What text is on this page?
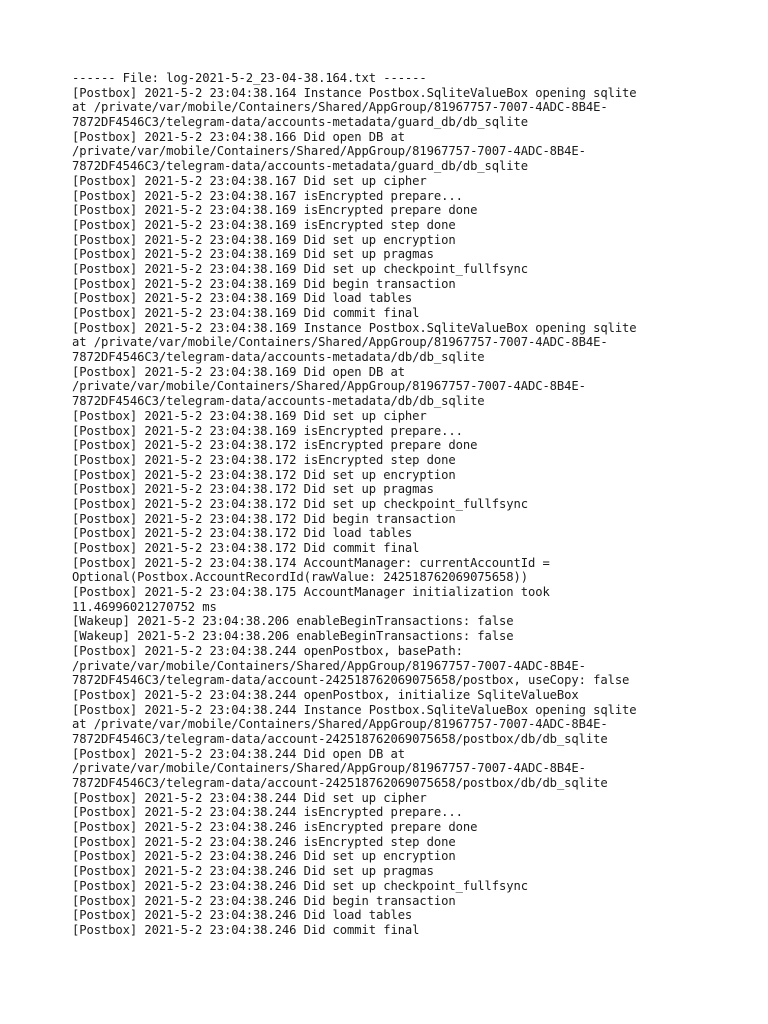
------ File: log-2021-5-2_23-04-38.164.txt ------
[Postbox] 2021-5-2 23:04:38.164 Instance Postbox.SqliteValueBox opening sqlite
at /private/var/mobile/Containers/Shared/AppGroup/81967757-7007-4ADC-8B4E-
7872DF4546C3/telegram-data/accounts-metadata/guard_db/db_sqlite
[Postbox] 2021-5-2 23:04:38.166 Did open DB at
/private/var/mobile/Containers/Shared/AppGroup/81967757-7007-4ADC-8B4E-
7872DF4546C3/telegram-data/accounts-metadata/guard_db/db_sqlite
[Postbox] 2021-5-2 23:04:38.167 Did set up cipher
[Postbox] 2021-5-2 23:04:38.167 isEncrypted prepare...
[Postbox] 2021-5-2 23:04:38.169 isEncrypted prepare done
[Postbox] 2021-5-2 23:04:38.169 isEncrypted step done
[Postbox] 2021-5-2 23:04:38.169 Did set up encryption
[Postbox] 2021-5-2 23:04:38.169 Did set up pragmas
[Postbox] 2021-5-2 23:04:38.169 Did set up checkpoint_fullfsync
[Postbox] 2021-5-2 23:04:38.169 Did begin transaction
[Postbox] 2021-5-2 23:04:38.169 Did load tables
[Postbox] 2021-5-2 23:04:38.169 Did commit final
[Postbox] 2021-5-2 23:04:38.169 Instance Postbox.SqliteValueBox opening sqlite
at /private/var/mobile/Containers/Shared/AppGroup/81967757-7007-4ADC-8B4E-
7872DF4546C3/telegram-data/accounts-metadata/db/db_sqlite
[Postbox] 2021-5-2 23:04:38.169 Did open DB at
/private/var/mobile/Containers/Shared/AppGroup/81967757-7007-4ADC-8B4E-
7872DF4546C3/telegram-data/accounts-metadata/db/db_sqlite
[Postbox] 2021-5-2 23:04:38.169 Did set up cipher
[Postbox] 2021-5-2 23:04:38.169 isEncrypted prepare...
[Postbox] 2021-5-2 23:04:38.172 isEncrypted prepare done
[Postbox] 2021-5-2 23:04:38.172 isEncrypted step done
[Postbox] 2021-5-2 23:04:38.172 Did set up encryption
[Postbox] 2021-5-2 23:04:38.172 Did set up pragmas
[Postbox] 2021-5-2 23:04:38.172 Did set up checkpoint_fullfsync
[Postbox] 2021-5-2 23:04:38.172 Did begin transaction
[Postbox] 2021-5-2 23:04:38.172 Did load tables
[Postbox] 2021-5-2 23:04:38.172 Did commit final
[Postbox] 2021-5-2 23:04:38.174 AccountManager: currentAccountId =
Optional(Postbox.AccountRecordId(rawValue: 242518762069075658))
[Postbox] 2021-5-2 23:04:38.175 AccountManager initialization took
11.46996021270752 ms
[Wakeup] 2021-5-2 23:04:38.206 enableBeginTransactions: false
[Wakeup] 2021-5-2 23:04:38.206 enableBeginTransactions: false
[Postbox] 2021-5-2 23:04:38.244 openPostbox, basePath:
/private/var/mobile/Containers/Shared/AppGroup/81967757-7007-4ADC-8B4E-
7872DF4546C3/telegram-data/account-242518762069075658/postbox, useCopy: false
[Postbox] 2021-5-2 23:04:38.244 openPostbox, initialize SqliteValueBox
[Postbox] 2021-5-2 23:04:38.244 Instance Postbox.SqliteValueBox opening sqlite
at /private/var/mobile/Containers/Shared/AppGroup/81967757-7007-4ADC-8B4E-
7872DF4546C3/telegram-data/account-242518762069075658/postbox/db/db_sqlite
[Postbox] 2021-5-2 23:04:38.244 Did open DB at
/private/var/mobile/Containers/Shared/AppGroup/81967757-7007-4ADC-8B4E-
7872DF4546C3/telegram-data/account-242518762069075658/postbox/db/db_sqlite
[Postbox] 2021-5-2 23:04:38.244 Did set up cipher
[Postbox] 2021-5-2 23:04:38.244 isEncrypted prepare...
[Postbox] 2021-5-2 23:04:38.246 isEncrypted prepare done
[Postbox] 2021-5-2 23:04:38.246 isEncrypted step done
[Postbox] 2021-5-2 23:04:38.246 Did set up encryption
[Postbox] 2021-5-2 23:04:38.246 Did set up pragmas
[Postbox] 2021-5-2 23:04:38.246 Did set up checkpoint_fullfsync
[Postbox] 2021-5-2 23:04:38.246 Did begin transaction
[Postbox] 2021-5-2 23:04:38.246 Did load tables
[Postbox] 2021-5-2 23:04:38.246 Did commit final
